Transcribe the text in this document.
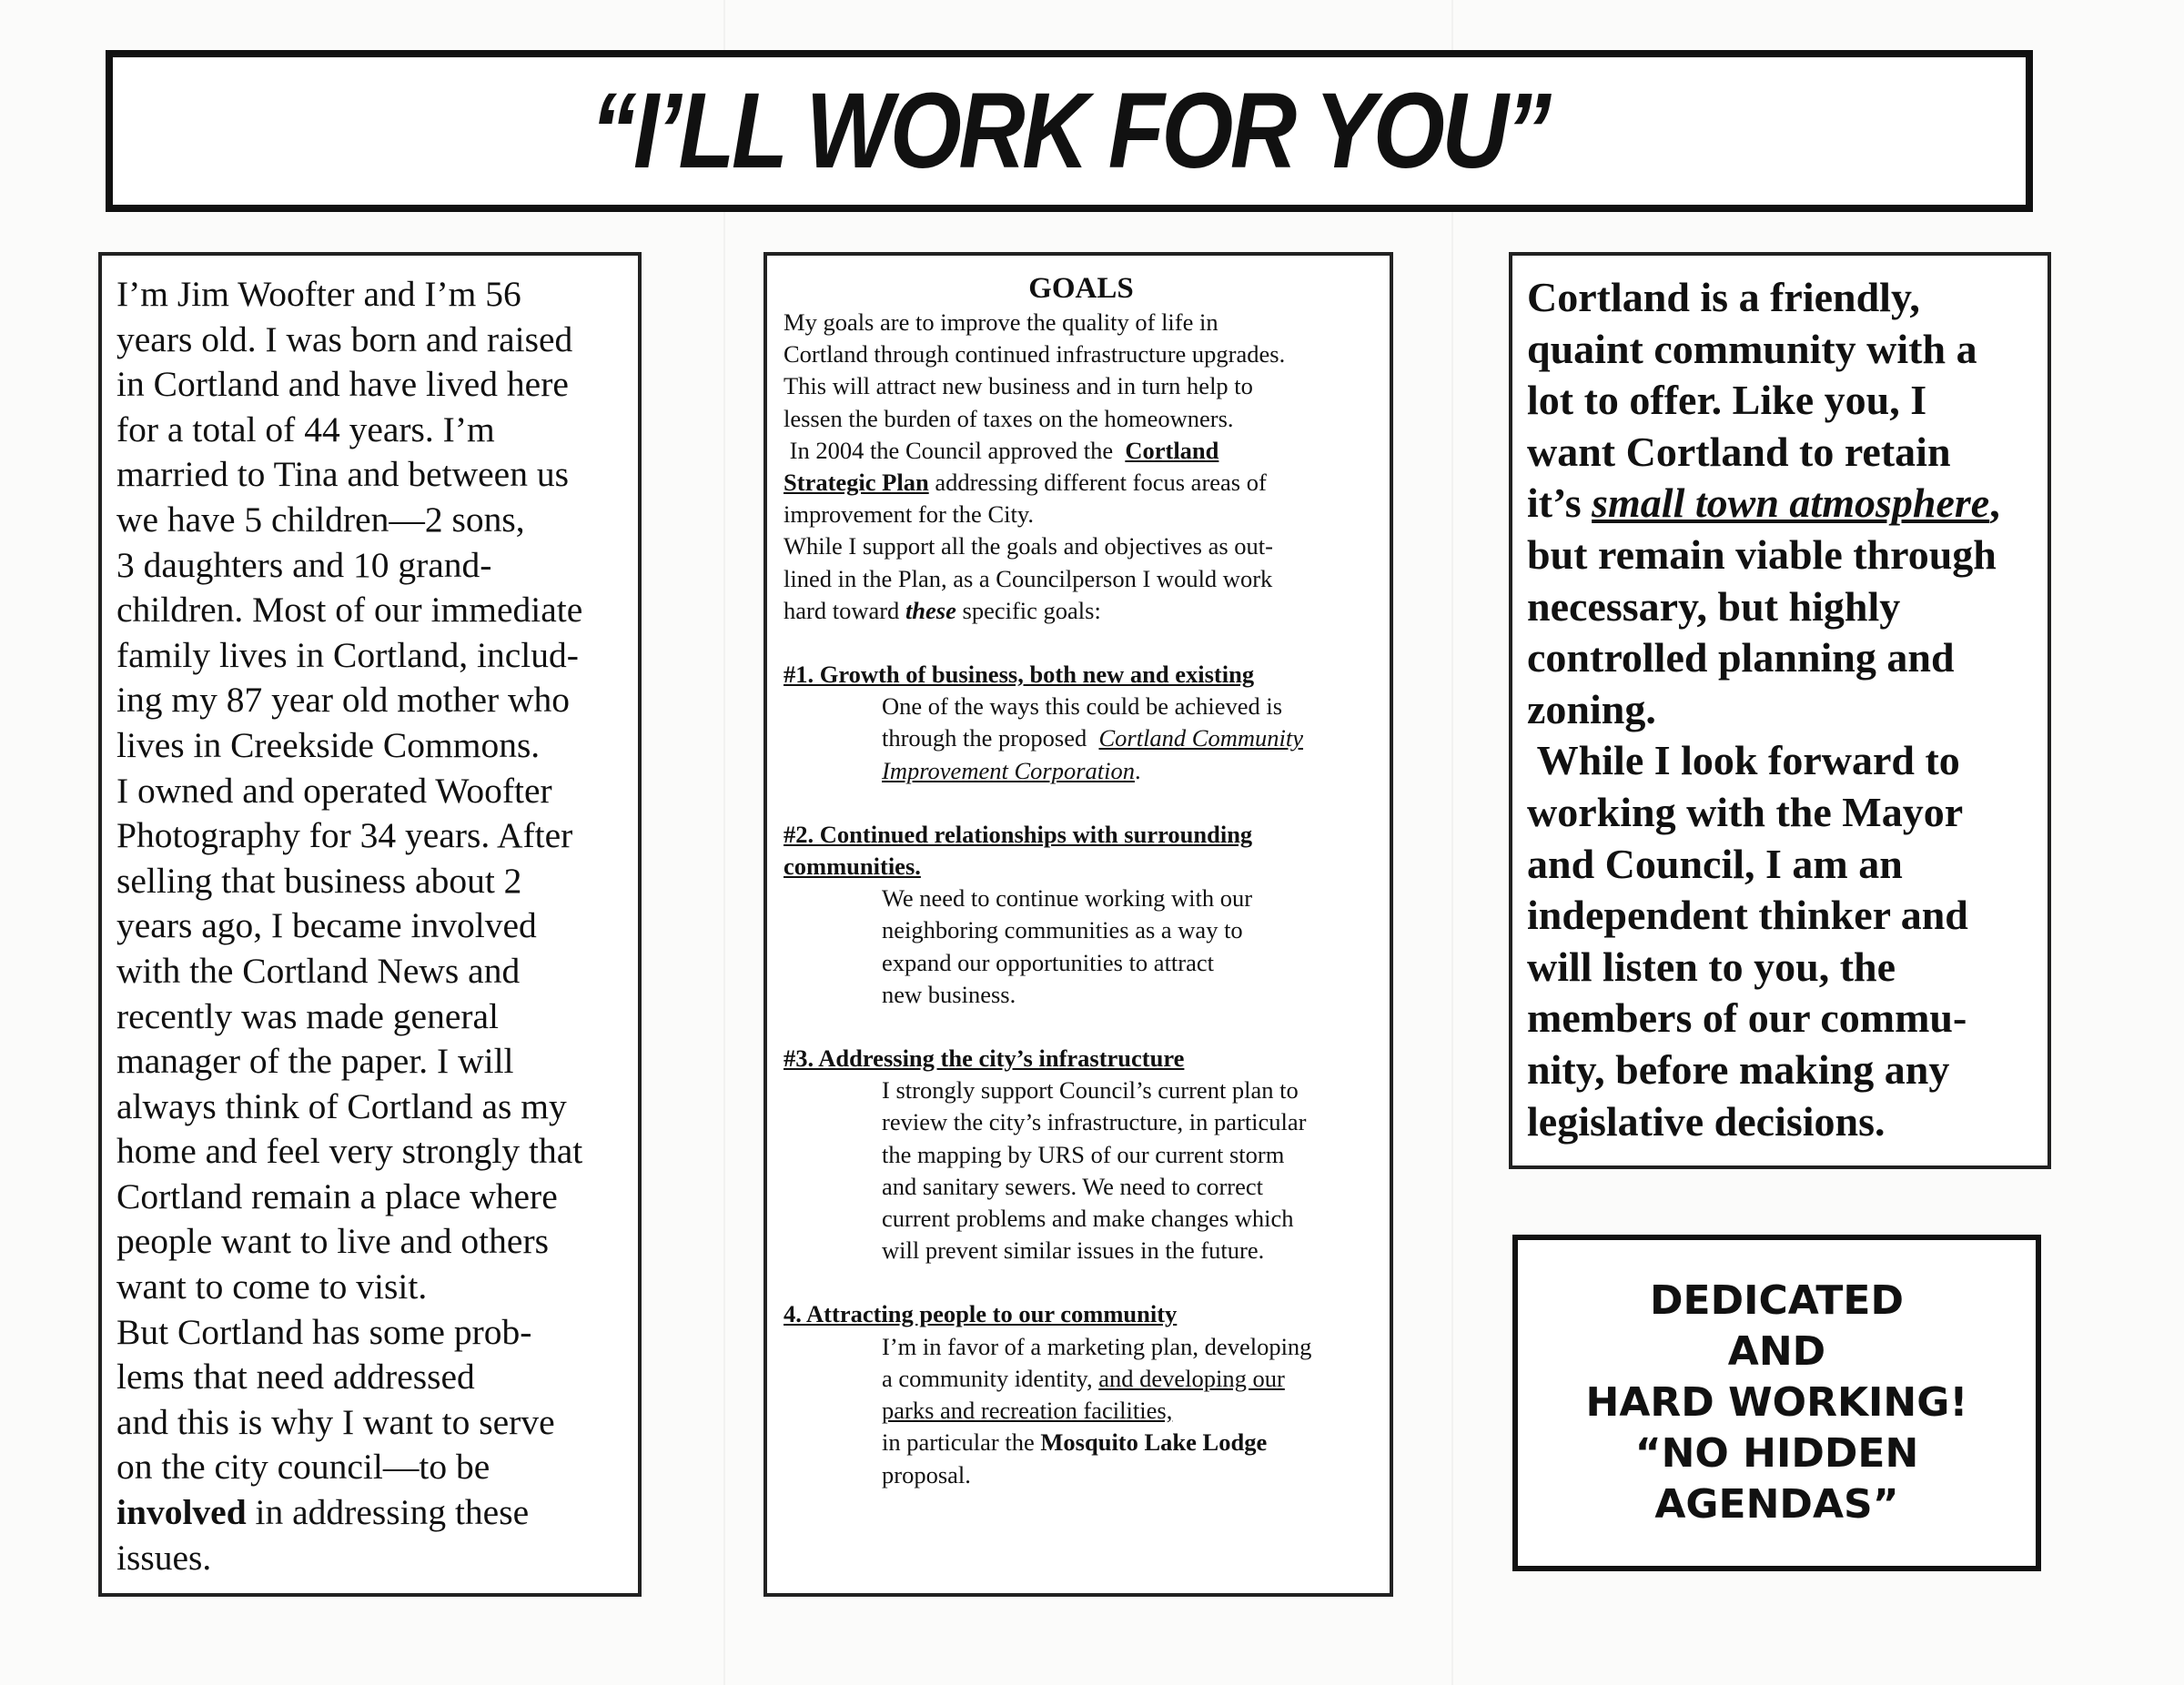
“I’LL WORK FOR YOU”

I’m Jim Woofter and I’m 56

years old. I was born and raised

in Cortland and have lived here

for a total of 44 years. I’m

married to Tina and between us

we have 5 children—2 sons,

3 daughters and 10 grand-

children. Most of our immediate

family lives in Cortland, includ-

ing my 87 year old mother who

lives in Creekside Commons.

I owned and operated Woofter

Photography for 34 years. After

selling that business about 2

years ago, I became involved

with the Cortland News and

recently was made general

manager of the paper. I will

always think of Cortland as my

home and feel very strongly that

Cortland remain a place where

people want to live and others

want to come to visit.

But Cortland has some prob-

lems that need addressed

and this is why I want to serve

on the city council—to be

involved in addressing these

issues.

GOALS

My goals are to improve the quality of life in

Cortland through continued infrastructure upgrades.

This will attract new business and in turn help to

lessen the burden of taxes on the homeowners.

In 2004 the Council approved the  Cortland

Strategic Plan addressing different focus areas of

improvement for the City.

While I support all the goals and objectives as out-

lined in the Plan, as a Councilperson I would work

hard toward these specific goals:

#1. Growth of business, both new and existing

One of the ways this could be achieved is

through the proposed  Cortland Community

Improvement Corporation.

#2. Continued relationships with surrounding

communities.

We need to continue working with our

neighboring communities as a way to

expand our opportunities to attract

new business.

#3. Addressing the city’s infrastructure

I strongly support Council’s current plan to

review the city’s infrastructure, in particular

the mapping by URS of our current storm

and sanitary sewers. We need to correct

current problems and make changes which

will prevent similar issues in the future.

4. Attracting people to our community

I’m in favor of a marketing plan, developing

a community identity, and developing our

parks and recreation facilities,

in particular the Mosquito Lake Lodge

proposal.

Cortland is a friendly,

quaint community with a

lot to offer. Like you, I

want Cortland to retain

it’s small town atmosphere,

but remain viable through

necessary, but highly

controlled planning and

zoning.

While I look forward to

working with the Mayor

and Council, I am an

independent thinker and

will listen to you, the

members of our commu-

nity, before making any

legislative decisions.

DEDICATED

AND

HARD WORKING!

“NO HIDDEN

AGENDAS”
